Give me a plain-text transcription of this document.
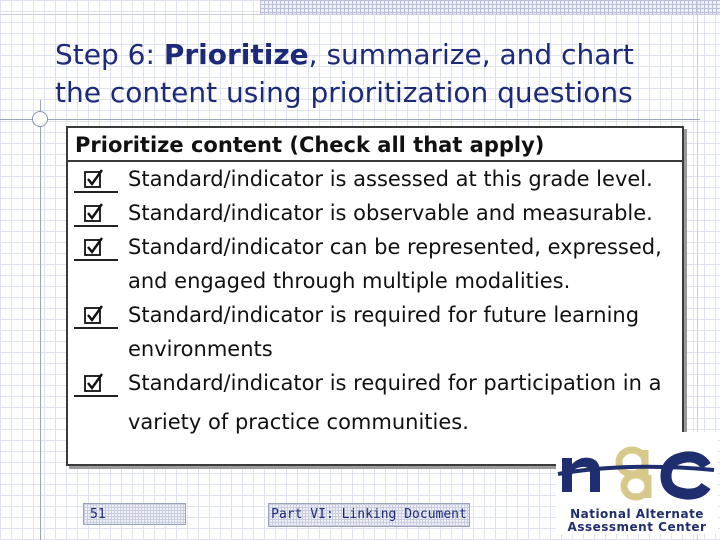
Step 6: Prioritize, summarize, and chart
the content using prioritization questions
Prioritize content (Check all that apply)
Standard/indicator is assessed at this grade level.
Standard/indicator is observable and measurable.
Standard/indicator can be represented, expressed,
and engaged through multiple modalities.
Standard/indicator is required for future learning
environments
Standard/indicator is required for participation in a
variety of practice communities.
51	Part VI: Linking Document	National Alternate
Assessment Center
